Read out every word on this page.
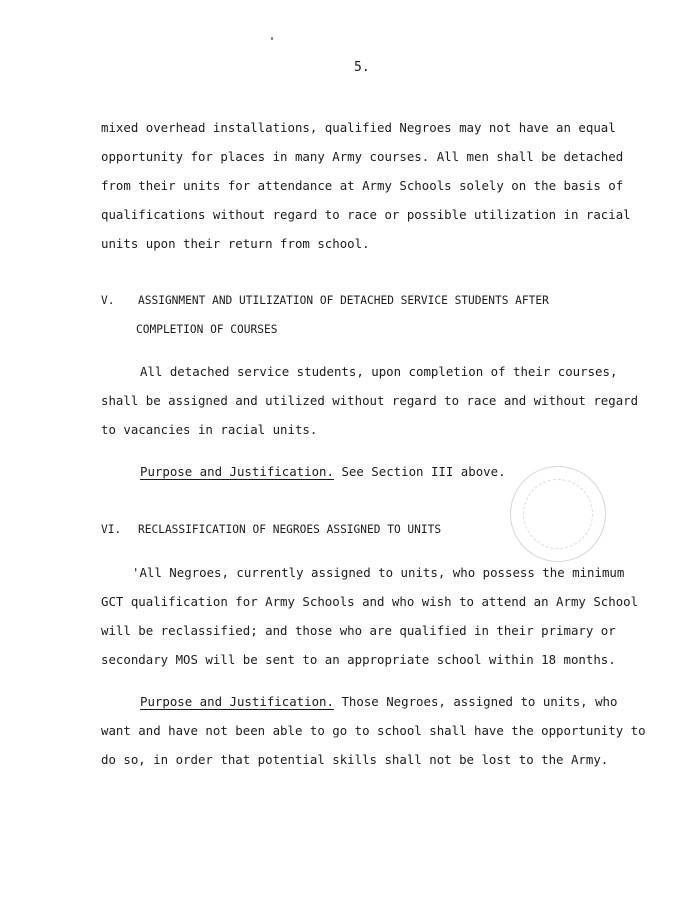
5.
mixed overhead installations, qualified Negroes may not have an equal
opportunity for places in many Army courses. All men shall be detached
from their units for attendance at Army Schools solely on the basis of
qualifications without regard to race or possible utilization in racial
units upon their return from school.
V. ASSIGNMENT AND UTILIZATION OF DETACHED SERVICE STUDENTS AFTER
COMPLETION OF COURSES
All detached service students, upon completion of their courses,
shall be assigned and utilized without regard to race and without regard
to vacancies in racial units.
Purpose and Justification. See Section III above.
VI. RECLASSIFICATION OF NEGROES ASSIGNED TO UNITS
'All Negroes, currently assigned to units, who possess the minimum
GCT qualification for Army Schools and who wish to attend an Army School
will be reclassified; and those who are qualified in their primary or
secondary MOS will be sent to an appropriate school within 18 months.
Purpose and Justification. Those Negroes, assigned to units, who
want and have not been able to go to school shall have the opportunity to
do so, in order that potential skills shall not be lost to the Army.
